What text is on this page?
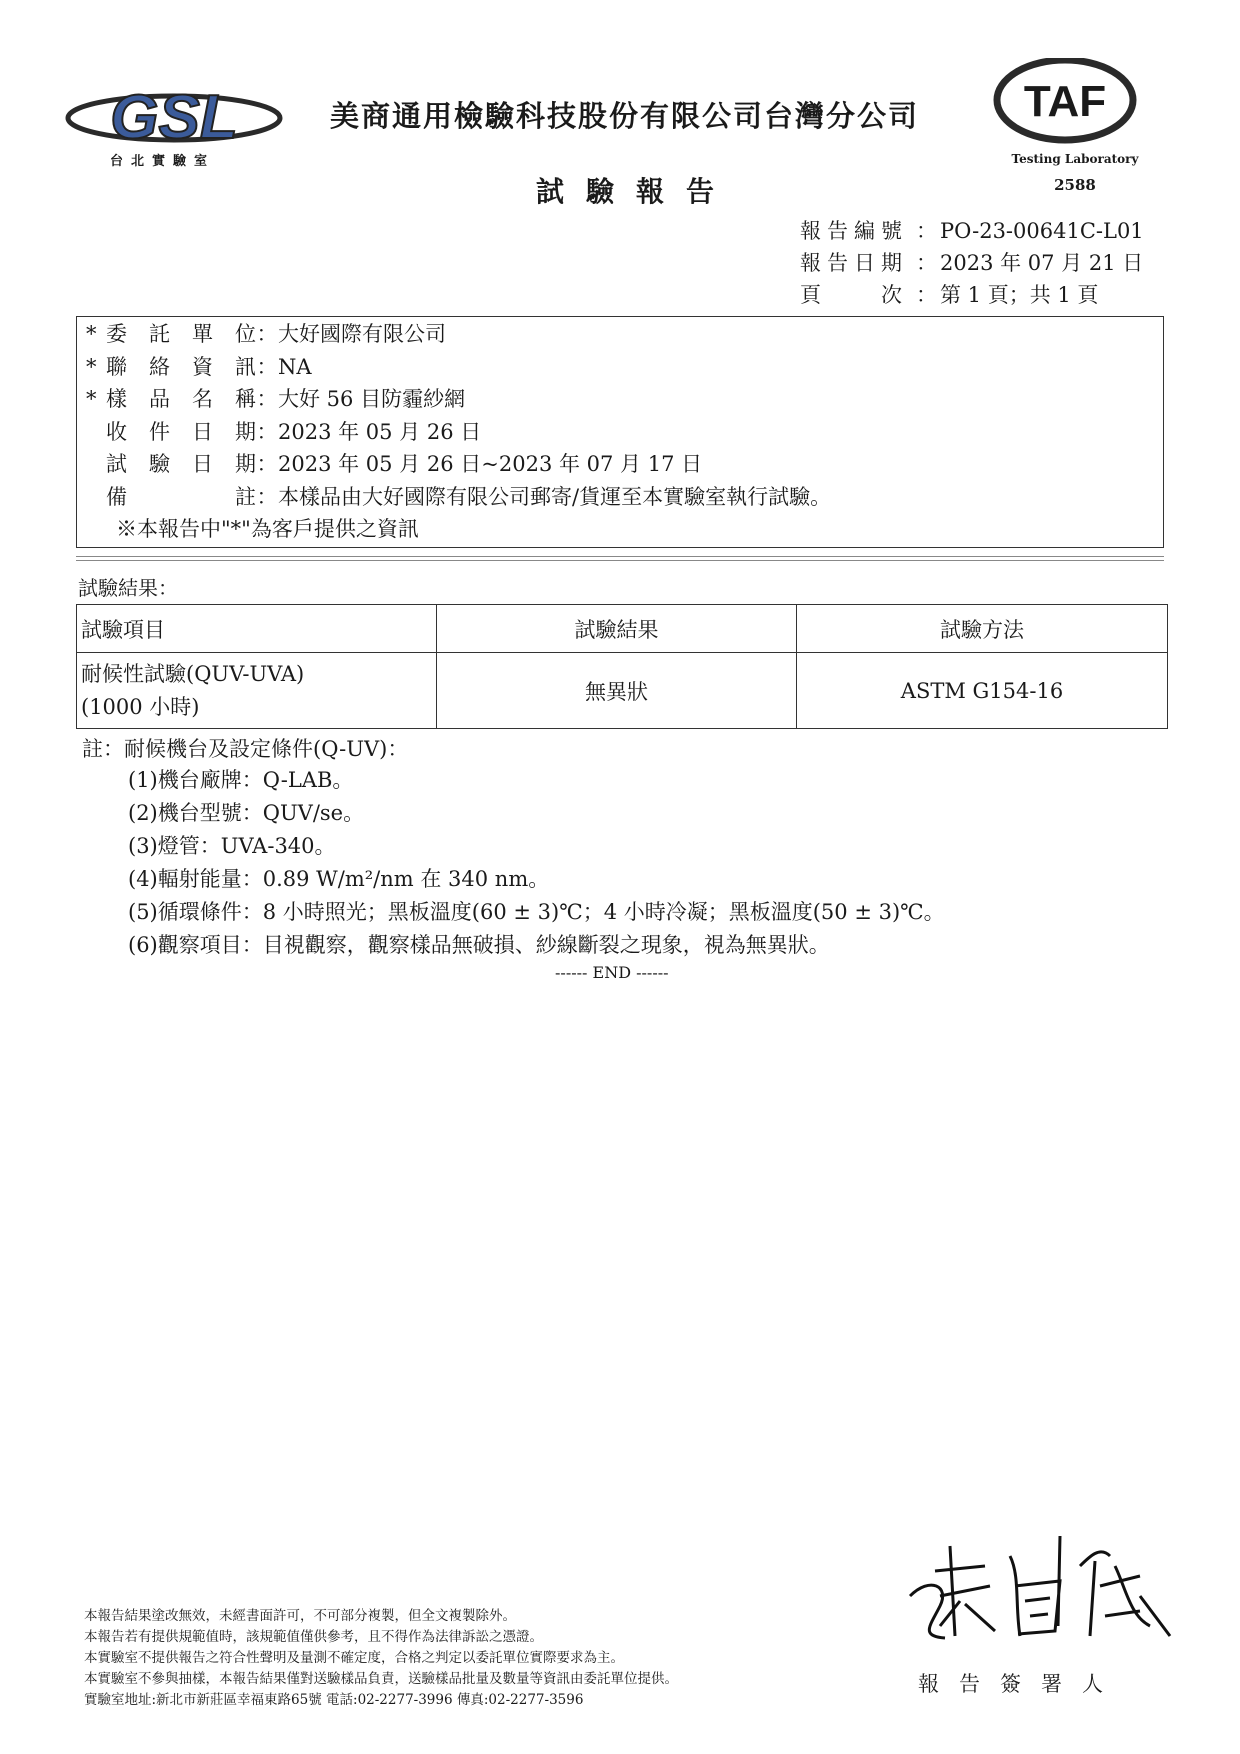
GSL
台北實驗室
美商通用檢驗科技股份有限公司台灣分公司
試驗報告
TAF
Testing Laboratory
2588
報告編號 ： PO-23-00641C-L01
報告日期 ： 2023 年 07 月 21 日
頁　　次 ： 第 1 頁；共 1 頁
* 委 託 單 位 ： 大好國際有限公司
* 聯 絡 資 訊 ： NA
* 樣 品 名 稱 ： 大好 56 目防霾紗網
收 件 日 期 ： 2023 年 05 月 26 日
試 驗 日 期 ： 2023 年 05 月 26 日~2023 年 07 月 17 日
備	註 ： 本樣品由大好國際有限公司郵寄/貨運至本實驗室執行試驗。
※本報告中"*"為客戶提供之資訊
試驗結果：
試驗項目	試驗結果	試驗方法

耐候性試驗(QUV-UVA)
(1000 小時)	無異狀	ASTM G154-16
註：耐候機台及設定條件(Q-UV)：
(1)機台廠牌：Q-LAB。
(2)機台型號：QUV/se。
(3)燈管：UVA-340。
(4)輻射能量：0.89 W/m²/nm 在 340 nm。
(5)循環條件：8 小時照光；黑板溫度(60 ± 3)℃；4 小時冷凝；黑板溫度(50 ± 3)℃。
(6)觀察項目：目視觀察，觀察樣品無破損、紗線斷裂之現象，視為無異狀。
------ END ------
本報告結果塗改無效，未經書面許可，不可部分複製，但全文複製除外。
本報告若有提供規範值時，該規範值僅供參考，且不得作為法律訴訟之憑證。
本實驗室不提供報告之符合性聲明及量測不確定度，合格之判定以委託單位實際要求為主。
本實驗室不參與抽樣，本報告結果僅對送驗樣品負責，送驗樣品批量及數量等資訊由委託單位提供。
實驗室地址:新北市新莊區幸福東路65號 電話:02-2277-3996 傳真:02-2277-3596
報告簽署人
